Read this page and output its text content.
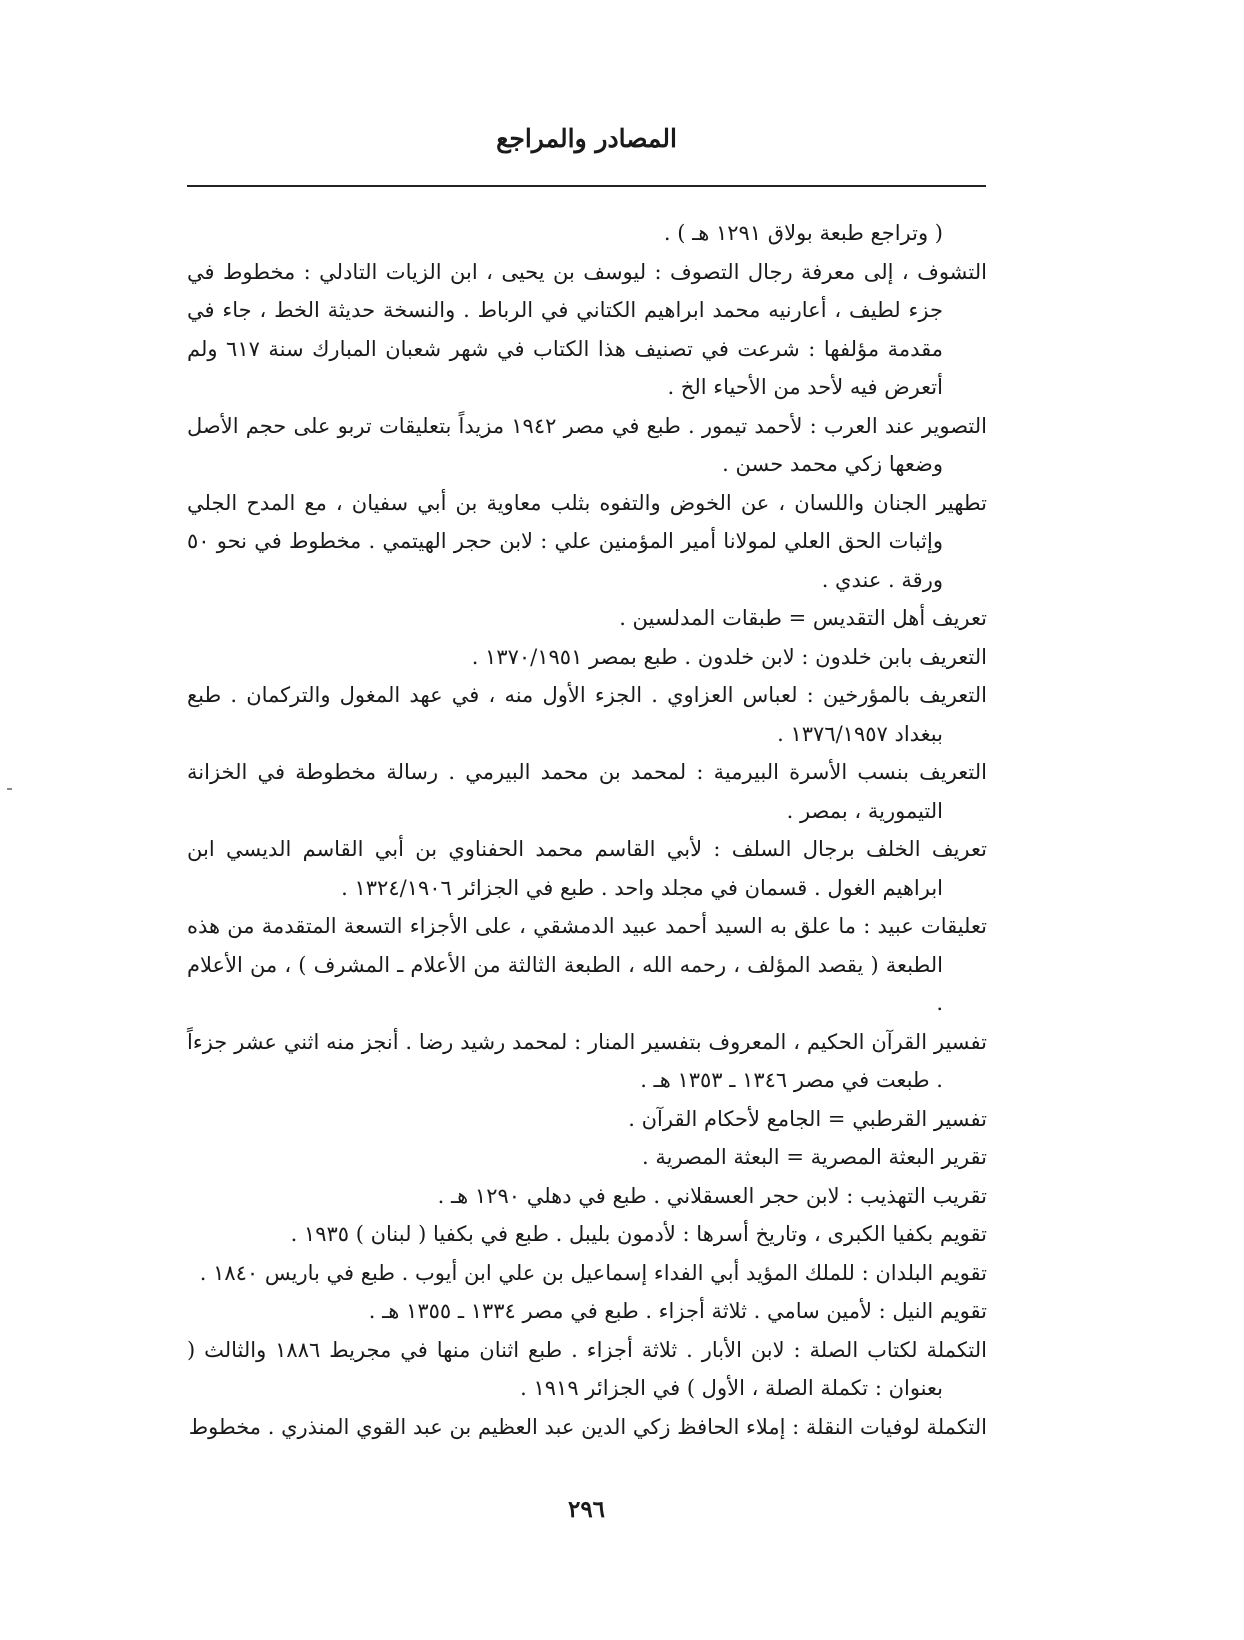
المصادر والمراجع

( وتراجع طبعة بولاق ١٢٩١ هـ ) .

التشوف ، إلى معرفة رجال التصوف : ليوسف بن يحيى ، ابن الزيات التادلي : مخطوط في جزء لطيف ، أعارنيه محمد ابراهيم الكتاني في الرباط . والنسخة حديثة الخط ، جاء في مقدمة مؤلفها : شرعت في تصنيف هذا الكتاب في شهر شعبان المبارك سنة ٦١٧ ولم أتعرض فيه لأحد من الأحياء الخ .

التصوير عند العرب : لأحمد تيمور . طبع في مصر ١٩٤٢ مزيداً بتعليقات تربو على حجم الأصل وضعها زكي محمد حسن .

تطهير الجنان واللسان ، عن الخوض والتفوه بثلب معاوية بن أبي سفيان ، مع المدح الجلي وإثبات الحق العلي لمولانا أمير المؤمنين علي : لابن حجر الهيتمي . مخطوط في نحو ٥٠ ورقة . عندي .

تعريف أهل التقديس = طبقات المدلسين .

التعريف بابن خلدون : لابن خلدون . طبع بمصر ١٣٧٠/١٩٥١ .

التعريف بالمؤرخين : لعباس العزاوي . الجزء الأول منه ، في عهد المغول والتركمان . طبع ببغداد ١٣٧٦/١٩٥٧ .

التعريف بنسب الأسرة البيرمية : لمحمد بن محمد البيرمي . رسالة مخطوطة في الخزانة التيمورية ، بمصر .

تعريف الخلف برجال السلف : لأبي القاسم محمد الحفناوي بن أبي القاسم الديسي ابن ابراهيم الغول . قسمان في مجلد واحد . طبع في الجزائر ١٣٢٤/١٩٠٦ .

تعليقات عبيد : ما علق به السيد أحمد عبيد الدمشقي ، على الأجزاء التسعة المتقدمة من هذه الطبعة ( يقصد المؤلف ، رحمه الله ، الطبعة الثالثة من الأعلام ـ المشرف ) ، من الأعلام .

تفسير القرآن الحكيم ، المعروف بتفسير المنار : لمحمد رشيد رضا . أنجز منه اثني عشر جزءاً . طبعت في مصر ١٣٤٦ ـ ١٣٥٣ هـ .

تفسير القرطبي = الجامع لأحكام القرآن .

تقرير البعثة المصرية = البعثة المصرية .

تقريب التهذيب : لابن حجر العسقلاني . طبع في دهلي ١٢٩٠ هـ .

تقويم بكفيا الكبرى ، وتاريخ أسرها : لأدمون بليبل . طبع في بكفيا ( لبنان ) ١٩٣٥ .

تقويم البلدان : للملك المؤيد أبي الفداء إسماعيل بن علي ابن أيوب . طبع في باريس ١٨٤٠ .

تقويم النيل : لأمين سامي . ثلاثة أجزاء . طبع في مصر ١٣٣٤ ـ ١٣٥٥ هـ .

التكملة لكتاب الصلة : لابن الأبار . ثلاثة أجزاء . طبع اثنان منها في مجريط ١٨٨٦ والثالث ( بعنوان : تكملة الصلة ، الأول ) في الجزائر ١٩١٩ .

التكملة لوفيات النقلة : إملاء الحافظ زكي الدين عبد العظيم بن عبد القوي المنذري . مخطوط

٢٩٦
